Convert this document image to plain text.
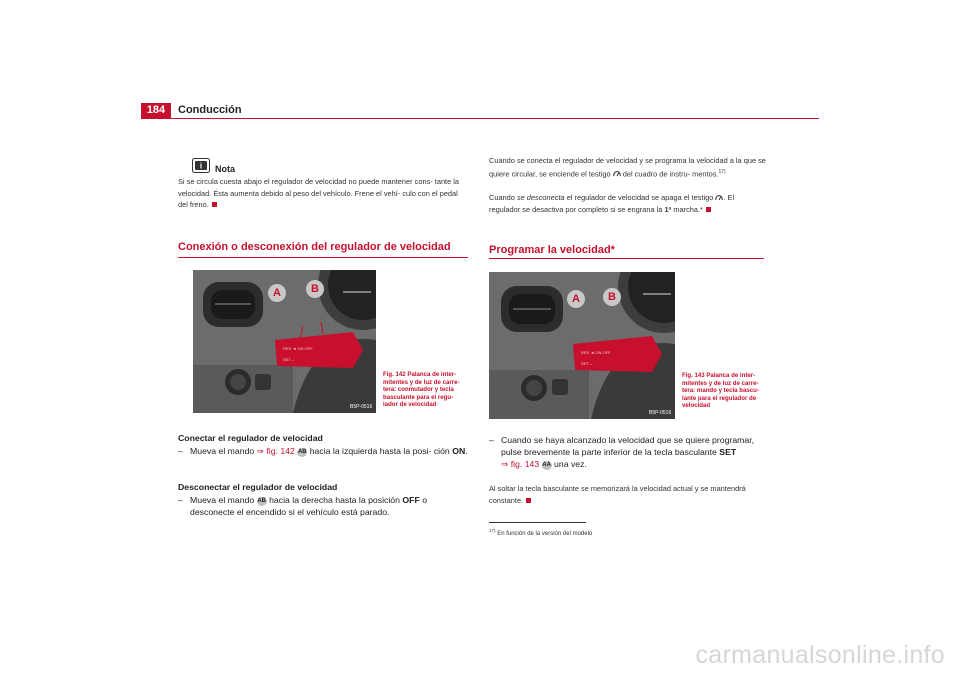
184	Conducción
i Nota
Si se circula cuesta abajo el regulador de velocidad no puede mantener cons- tante la velocidad. Ésta aumenta debido al peso del vehículo. Frene el vehí- culo con el pedal del freno.
Conexión o desconexión del regulador de velocidad
RES ◄ ON OFF
SET –
A	B
B5P-0516
Fig. 142 Palanca de inter- mitentes y de luz de carre- tera: conmutador y tecla basculante para el regu- lador de velocidad
Conectar el regulador de velocidad
– Mueva el mando ⇒ fig. 142 AB hacia la izquierda hasta la posi- ción ON.
Desconectar el regulador de velocidad
– Mueva el mando AB hacia la derecha hasta la posición OFF o desconecte el encendido si el vehículo está parado.
Cuando se conecta el regulador de velocidad y se programa la velocidad a la que se quiere circular, se enciende el testigo del cuadro de instru- mentos.$^{17)}$
Cuando se desconecta el regulador de velocidad se apaga el testigo . El regulador se desactiva por completo si se engrana la 1ª marcha.*
Programar la velocidad*
RES ◄ ON OFF
SET –
A	B
B5P-0516
Fig. 143 Palanca de inter- mitentes y de luz de carre- tera: mando y tecla bascu- lante para el regulador de velocidad
– Cuando se haya alcanzado la velocidad que se quiere programar, pulse brevemente la parte inferior de la tecla basculante SET
⇒ fig. 143 AA una vez.
Al soltar la tecla basculante se memorizará la velocidad actual y se mantendrá constante.
$^{17)}$ En función de la versión del modelo
carmanualsonline.info
